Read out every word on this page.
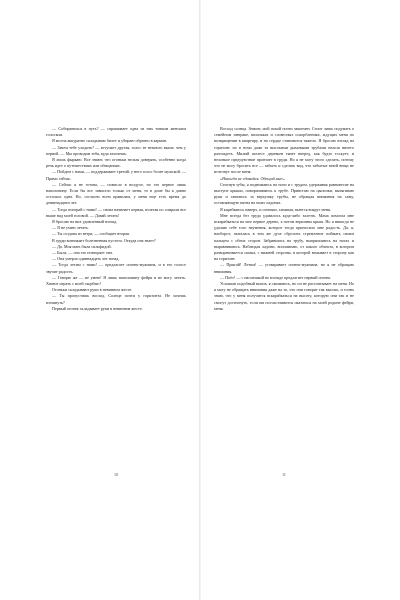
— Собираешься в путь? — спрашивает одна из них тонким женским голоском.

Я молча аккуратно складываю билет и убираю обратно в карман.

— Зачем тебе уходить? — вступает другая, голос ее немного выше, чем у первой. — Мы проводим тебя, куда захочешь.

Я лишь фыркаю. Все знают, что огоньки нельзя доверять, особенно когда речь идет о путешествиях или обещаниях.

— Пойдем с нами, — поддерживает третий, у него голос более мужской. — Прямо сейчас.

— Сейчас я не готова, — повисло в воздухе, но это первое лишь наполовину. Если бы все зависело только от меня, то в доме бы я давно осталась одна. Но, согласно всем правилам, у меня еще есть время до девятнадцати лет.

— Тогда поиграй с нами! — снова начинает первая, взлетая по спирали все выше над моей головой. — Давай летать!

Я бросаю на них удивленный взгляд.

— Я не умею летать.

— Ты создана из ветра, — сообщает вторая.

В груди возникает болезненная пустота. Откуда она знает?

— Да. Моя мать была сильфидой.

— Была, — она это повторяет она.

— Она умерла одиннадцать лет назад.

— Тогда летим с нами! — предлагает огонек-мужчина, и в его голосе звучит радость.

— Говорю же — не умею! Я лишь наполовину фейри и не могу летать. Хватит играть с моей скорбью!

Огоньки складывают руки в невинном жесте.

— Ты пропустишь восход. Солнце почти у горизонта. Не хочешь взглянуть?

Первый огонек складывает руки в невинном жесте.

10

Восход солнца. Значит, мой покой почти закончен. Стоит лишь подумать о семейном завтраке, шпильках и словесных оскорблениях, ждущих меня по возвращении в квартиру, и на сердце становится тяжело. Я бросаю взгляд на горизонт, но в ночи даже за высокими дымовыми трубами нельзя ничего разглядеть. Милый шелест деревьев тянет вперед, как будто тоскует, и неловкое предчувствие пронзает в груди. Но я не могу этого сделать, потому что не могу бросить все — забыть и сделать вид, что забытые мной вещи не исчезнут после меня.

«Никогда не сдавайся. Обещай мне».

Стиснув зубы, я поднимаюсь на ноги и с трудом, удерживая равновесие на выступе крыши, поворачиваюсь к трубе. Привстаю на цыпочки, вытягиваю руки и хватаюсь за верхушку трубы, не обращая внимания на сажу, оставляющую пятна на моих ладонях.

Я карабкаюсь наверх, и огоньки, хихикая, вьются вокруг меня.

Мне всегда без труда удавалось куда-либо залезть. Мама помогла мне вскарабкаться на мое первое дерево, а потом вершины крыш. Но я никогда не удаляю себе того неумения, которое тогда приносило мне радость. Да, я, наоборот, пыталась в том же духе сбросить стремление поймать своим пальцем с обеих сторон. Забравшись на трубу, выпрямляюсь на ногах и выравниваюсь. Наблюдая ладони, вспоминаю, от какого объекта, в котором разворачивается сказка, с нижней стороны, в которой взмывает в сторону как на горизонт.

— Прыгай! Летим! — уговаривает огонек-мужчина, но я не обращаю внимания.

— Поёт! — с насмешкой во взгляде предлагает первый огонек.

Услышав подобный вызов, я сжимаюсь, но он не рассчитывает на меня. Но я могу не обращать внимания даже на то, что они говорят так высоко, и точно знаю, что у меня получится вскарабкаться на высоту, которую они так и не смогут достигнуть, если им посчастливится оказаться на моей родине фейри, меня.

11
